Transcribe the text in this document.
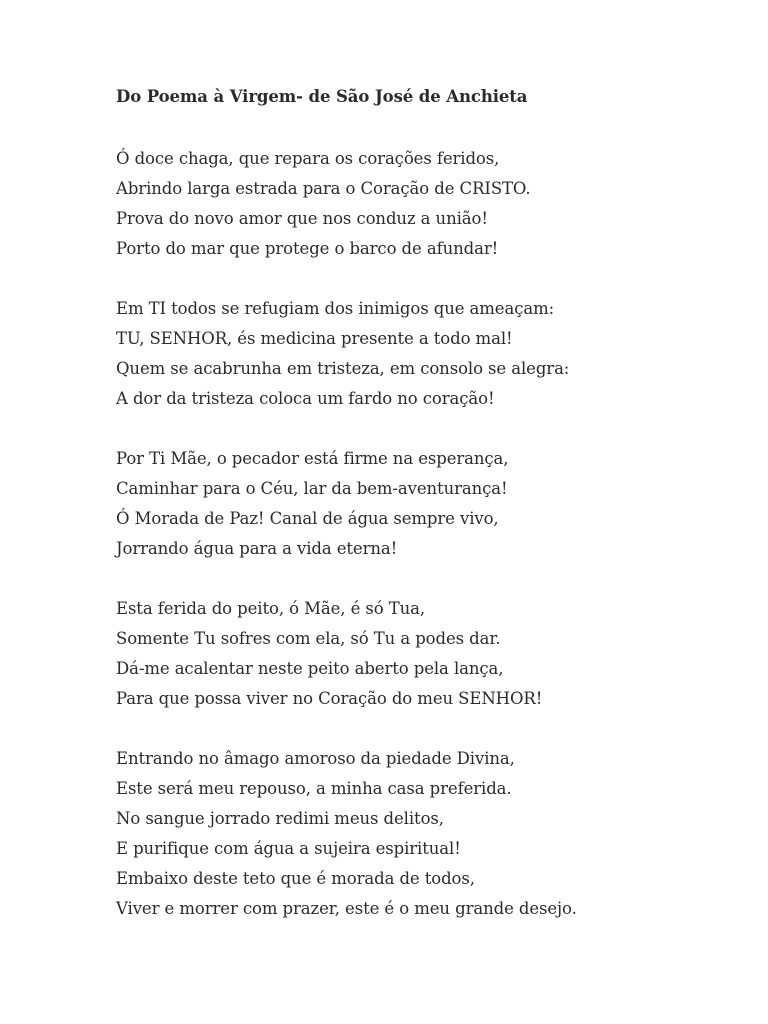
Do Poema à Virgem- de São José de Anchieta
Ó doce chaga, que repara os corações feridos,
Abrindo larga estrada para o Coração de CRISTO.
Prova do novo amor que nos conduz a união!
Porto do mar que protege o barco de afundar!
Em TI todos se refugiam dos inimigos que ameaçam:
TU, SENHOR, és medicina presente a todo mal!
Quem se acabrunha em tristeza, em consolo se alegra:
A dor da tristeza coloca um fardo no coração!
Por Ti Mãe, o pecador está firme na esperança,
Caminhar para o Céu, lar da bem-aventurança!
Ó Morada de Paz! Canal de água sempre vivo,
Jorrando água para a vida eterna!
Esta ferida do peito, ó Mãe, é só Tua,
Somente Tu sofres com ela, só Tu a podes dar.
Dá-me acalentar neste peito aberto pela lança,
Para que possa viver no Coração do meu SENHOR!
Entrando no âmago amoroso da piedade Divina,
Este será meu repouso, a minha casa preferida.
No sangue jorrado redimi meus delitos,
E purifique com água a sujeira espiritual!
Embaixo deste teto que é morada de todos,
Viver e morrer com prazer, este é o meu grande desejo.
